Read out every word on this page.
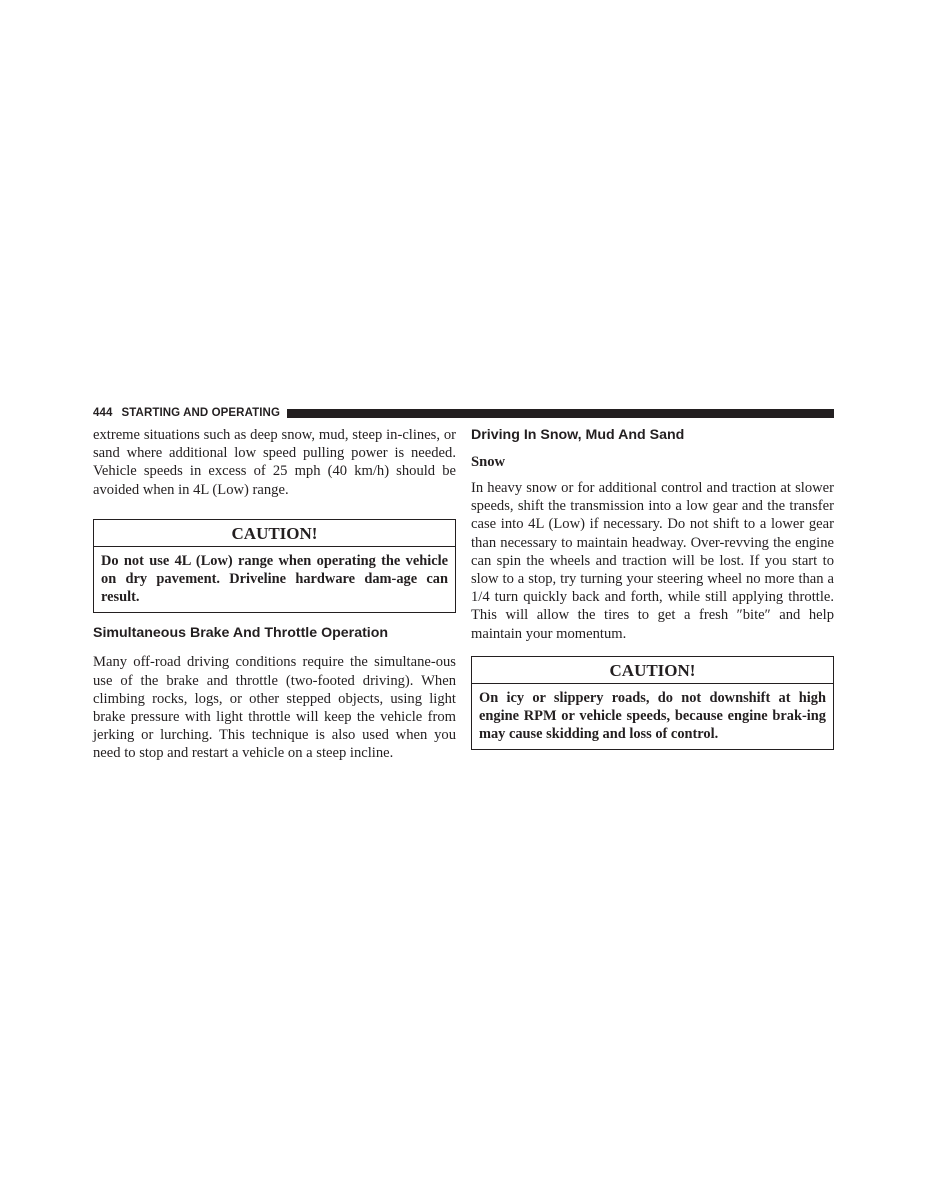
444 STARTING AND OPERATING

extreme situations such as deep snow, mud, steep in-clines, or sand where additional low speed pulling power is needed. Vehicle speeds in excess of 25 mph (40 km/h) should be avoided when in 4L (Low) range.

CAUTION!
Do not use 4L (Low) range when operating the vehicle on dry pavement. Driveline hardware dam-age can result.
Simultaneous Brake And Throttle Operation

Many off-road driving conditions require the simultane-ous use of the brake and throttle (two-footed driving). When climbing rocks, logs, or other stepped objects, using light brake pressure with light throttle will keep the vehicle from jerking or lurching. This technique is also used when you need to stop and restart a vehicle on a steep incline.

Driving In Snow, Mud And Sand
Snow

In heavy snow or for additional control and traction at slower speeds, shift the transmission into a low gear and the transfer case into 4L (Low) if necessary. Do not shift to a lower gear than necessary to maintain headway. Over-revving the engine can spin the wheels and traction will be lost. If you start to slow to a stop, try turning your steering wheel no more than a 1/4 turn quickly back and forth, while still applying throttle. This will allow the tires to get a fresh ″bite″ and help maintain your momentum.

CAUTION!
On icy or slippery roads, do not downshift at high engine RPM or vehicle speeds, because engine brak-ing may cause skidding and loss of control.
